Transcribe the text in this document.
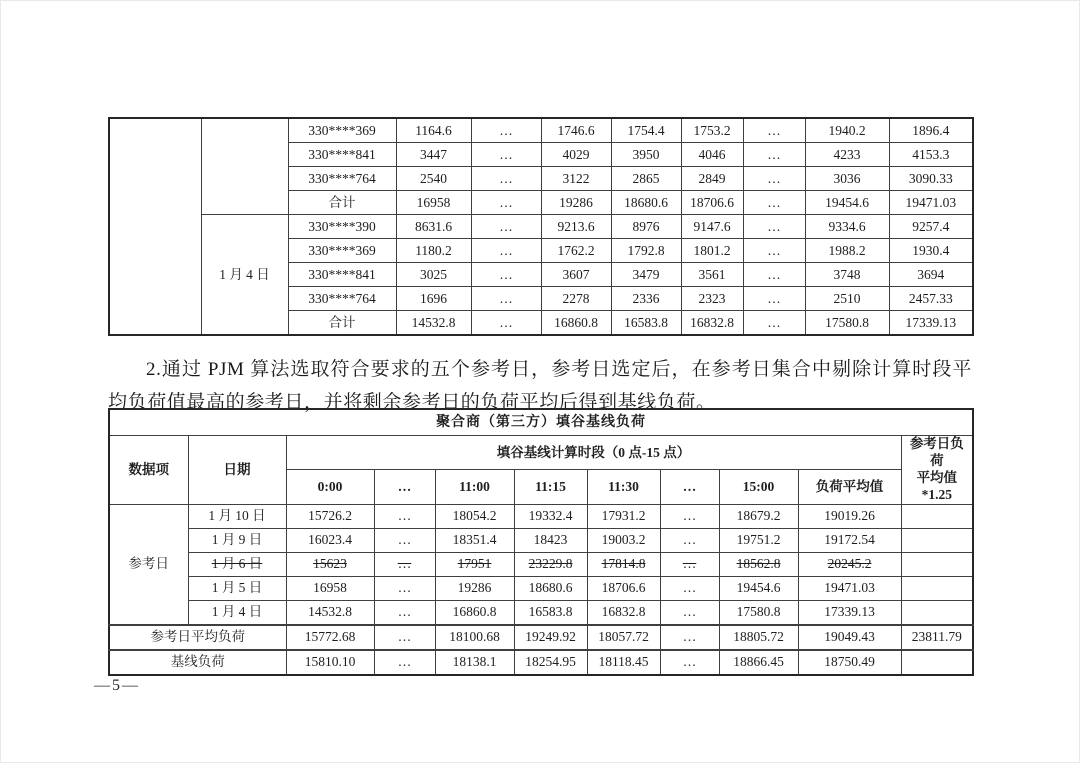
		330****369	1164.6	…	1746.6	1754.4	1753.2	…	1940.2	1896.4
		330****841	3447	…	4029	3950	4046	…	4233	4153.3
		330****764	2540	…	3122	2865	2849	…	3036	3090.33
		合计	16958	…	19286	18680.6	18706.6	…	19454.6	19471.03
	1 月 4 日	330****390	8631.6	…	9213.6	8976	9147.6	…	9334.6	9257.4
		330****369	1180.2	…	1762.2	1792.8	1801.2	…	1988.2	1930.4
		330****841	3025	…	3607	3479	3561	…	3748	3694
		330****764	1696	…	2278	2336	2323	…	2510	2457.33
		合计	14532.8	…	16860.8	16583.8	16832.8	…	17580.8	17339.13

2.通过 PJM 算法选取符合要求的五个参考日，参考日选定后，在参考日集合中剔除计算时段平均负荷值最高的参考日，并将剩余参考日的负荷平均后得到基线负荷。

聚合商（第三方）填谷基线负荷										
数据项	日期	填谷基线计算时段（0 点-15 点）								参考日负荷
平均值*1.25

		0:00	…	11:00	11:15	11:30	…	15:00	负荷平均值	
参考日	1 月 10 日	15726.2	…	18054.2	19332.4	17931.2	…	18679.2	19019.26	
	1 月 9 日	16023.4	…	18351.4	18423	19003.2	…	19751.2	19172.54	
	1 月 6 日	15623	…	17951	23229.8	17814.8	…	18562.8	20245.2	
	1 月 5 日	16958	…	19286	18680.6	18706.6	…	19454.6	19471.03	
	1 月 4 日	14532.8	…	16860.8	16583.8	16832.8	…	17580.8	17339.13	
参考日平均负荷		15772.68	…	18100.68	19249.92	18057.72	…	18805.72	19049.43	23811.79
基线负荷		15810.10	…	18138.1	18254.95	18118.45	…	18866.45	18750.49	
—5—
